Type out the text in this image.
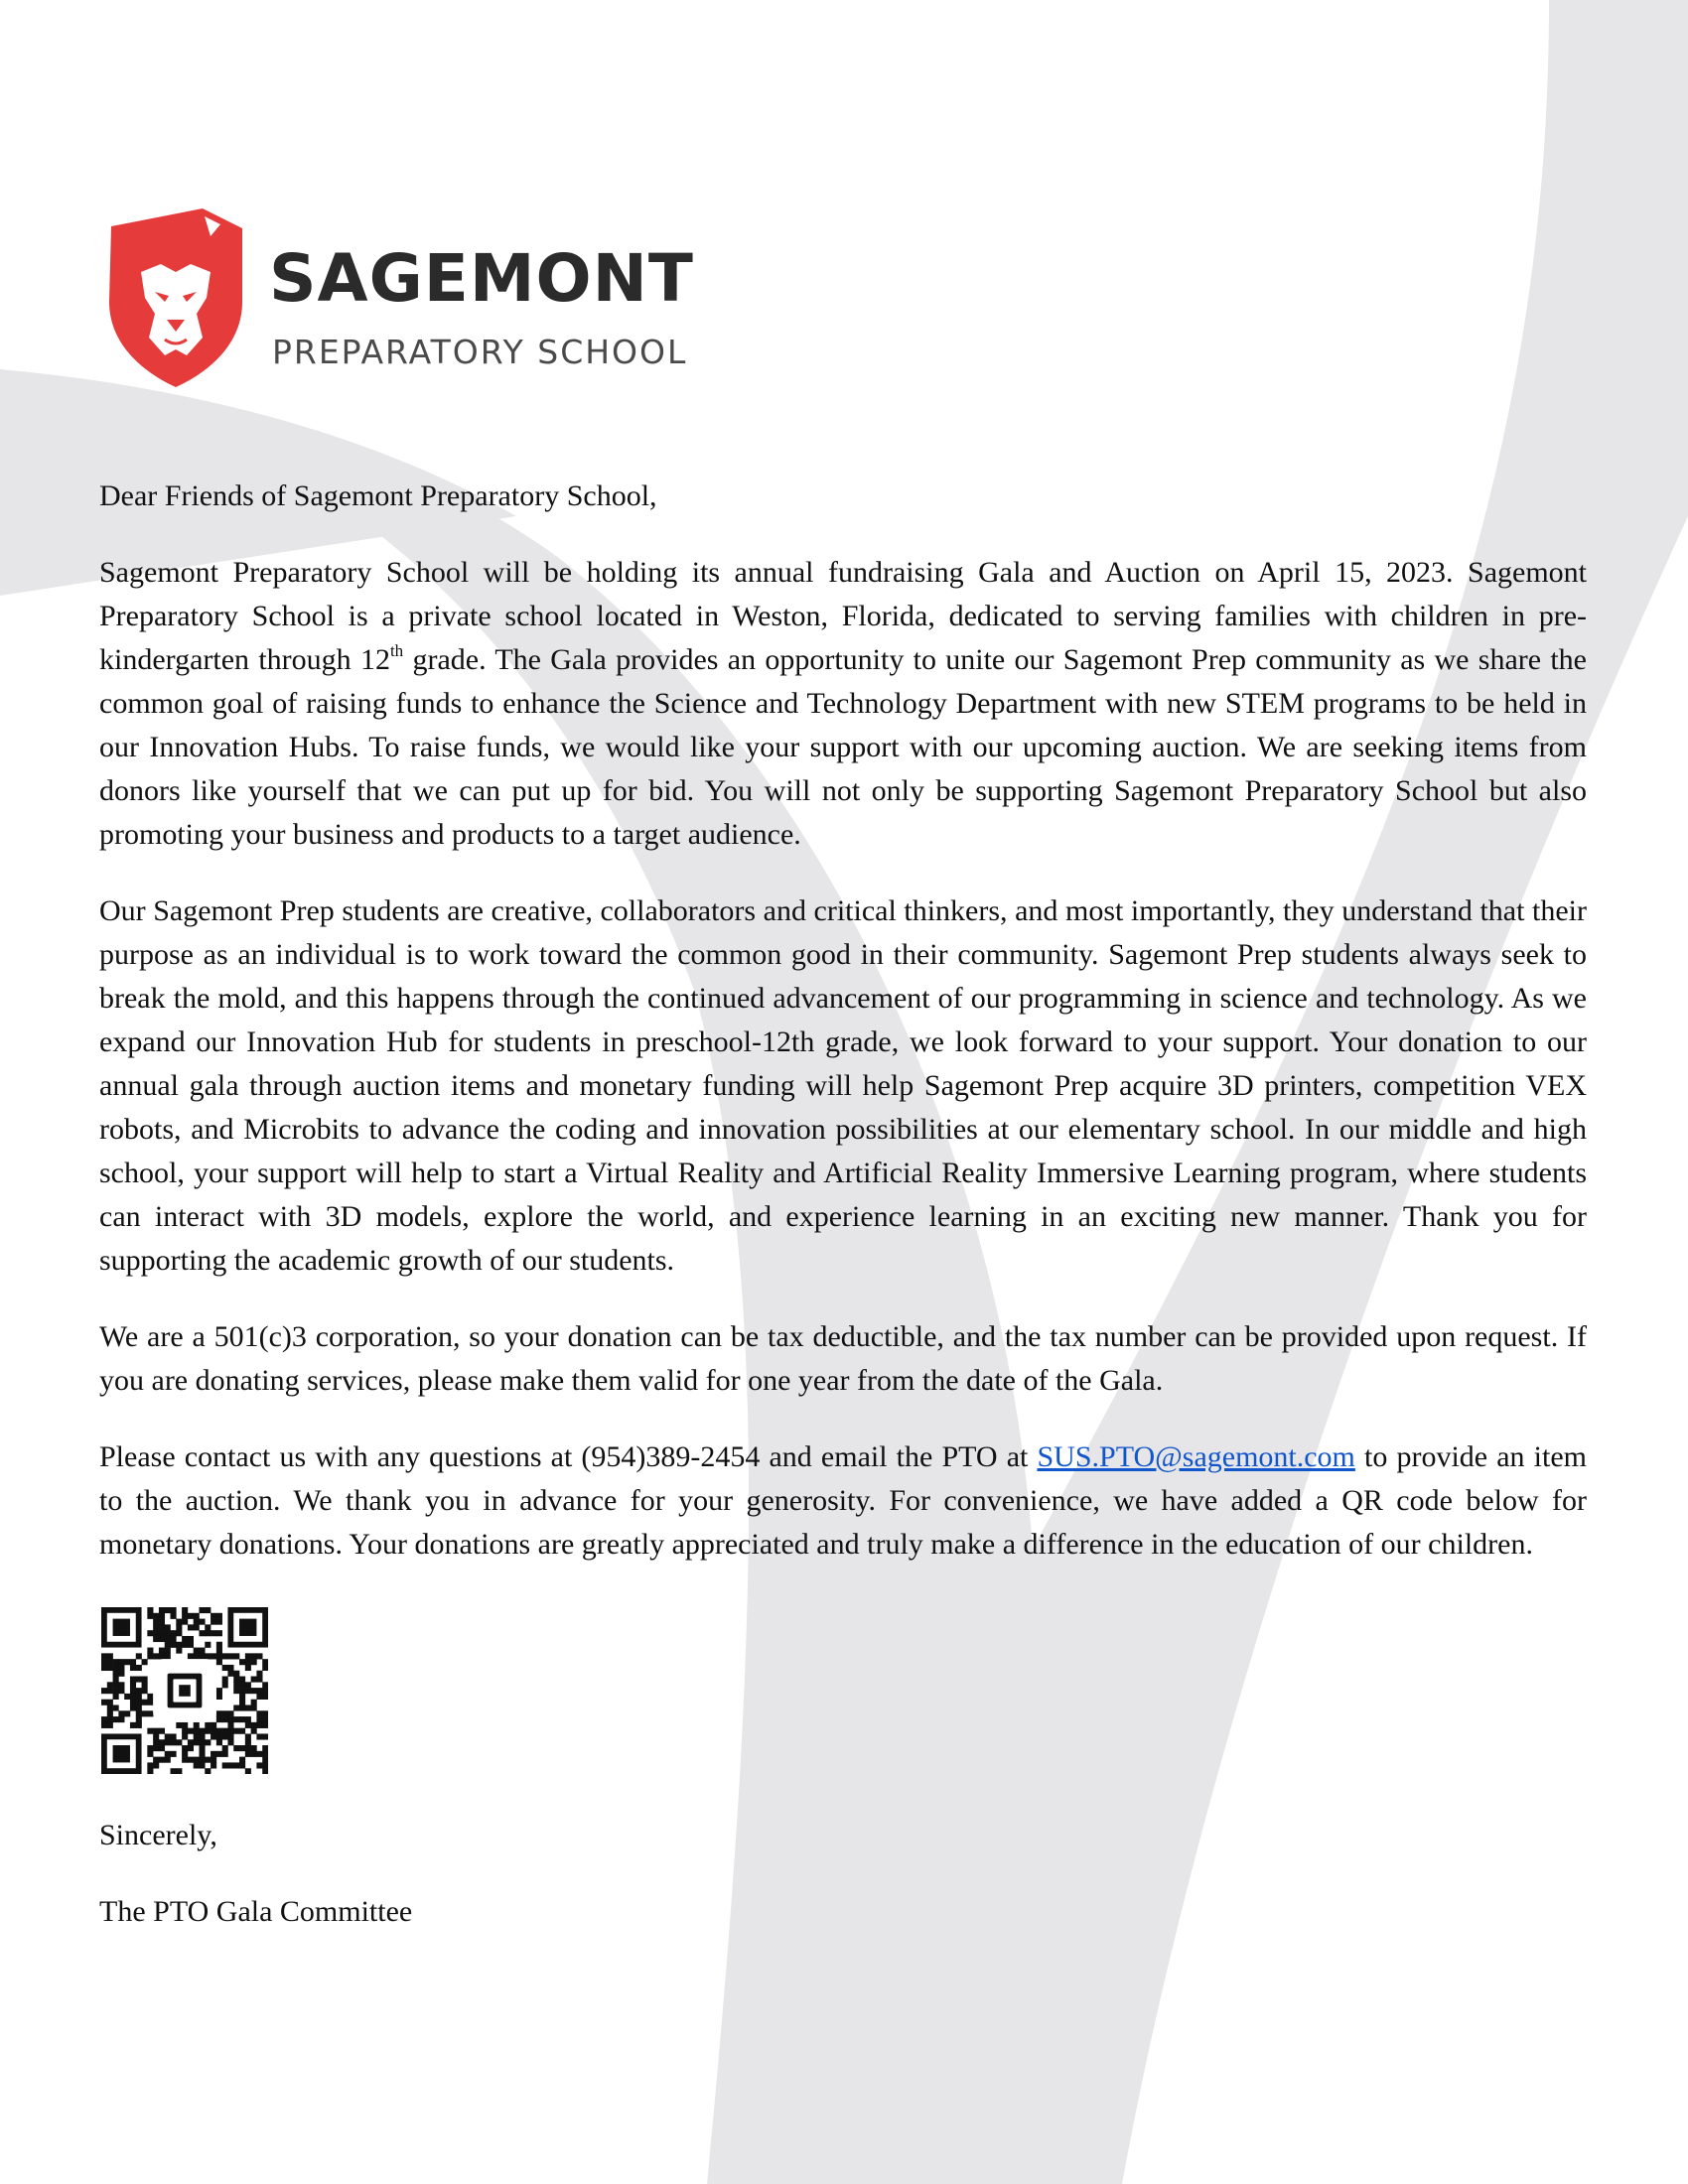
SAGEMONT
PREPARATORY SCHOOL

Dear Friends of Sagemont Preparatory School,

Sagemont Preparatory School will be holding its annual fundraising Gala and Auction on April 15, 2023. Sagemont Preparatory School is a private school located in Weston, Florida, dedicated to serving families with children in pre-kindergarten through 12th grade. The Gala provides an opportunity to unite our Sagemont Prep community as we share the common goal of raising funds to enhance the Science and Technology Department with new STEM programs to be held in our Innovation Hubs. To raise funds, we would like your support with our upcoming auction. We are seeking items from donors like yourself that we can put up for bid. You will not only be supporting Sagemont Preparatory School but also promoting your business and products to a target audience.

Our Sagemont Prep students are creative, collaborators and critical thinkers, and most importantly, they understand that their purpose as an individual is to work toward the common good in their community. Sagemont Prep students always seek to break the mold, and this happens through the continued advancement of our programming in science and technology. As we expand our Innovation Hub for students in preschool-12th grade, we look forward to your support. Your donation to our annual gala through auction items and monetary funding will help Sagemont Prep acquire 3D printers, competition VEX robots, and Microbits to advance the coding and innovation possibilities at our elementary school. In our middle and high school, your support will help to start a Virtual Reality and Artificial Reality Immersive Learning program, where students can interact with 3D models, explore the world, and experience learning in an exciting new manner. Thank you for supporting the academic growth of our students.

We are a 501(c)3 corporation, so your donation can be tax deductible, and the tax number can be provided upon request. If you are donating services, please make them valid for one year from the date of the Gala.

Please contact us with any questions at (954)389-2454 and email the PTO at SUS.PTO@sagemont.com to provide an item to the auction. We thank you in advance for your generosity. For convenience, we have added a QR code below for monetary donations. Your donations are greatly appreciated and truly make a difference in the education of our children.

Sincerely,

The PTO Gala Committee
